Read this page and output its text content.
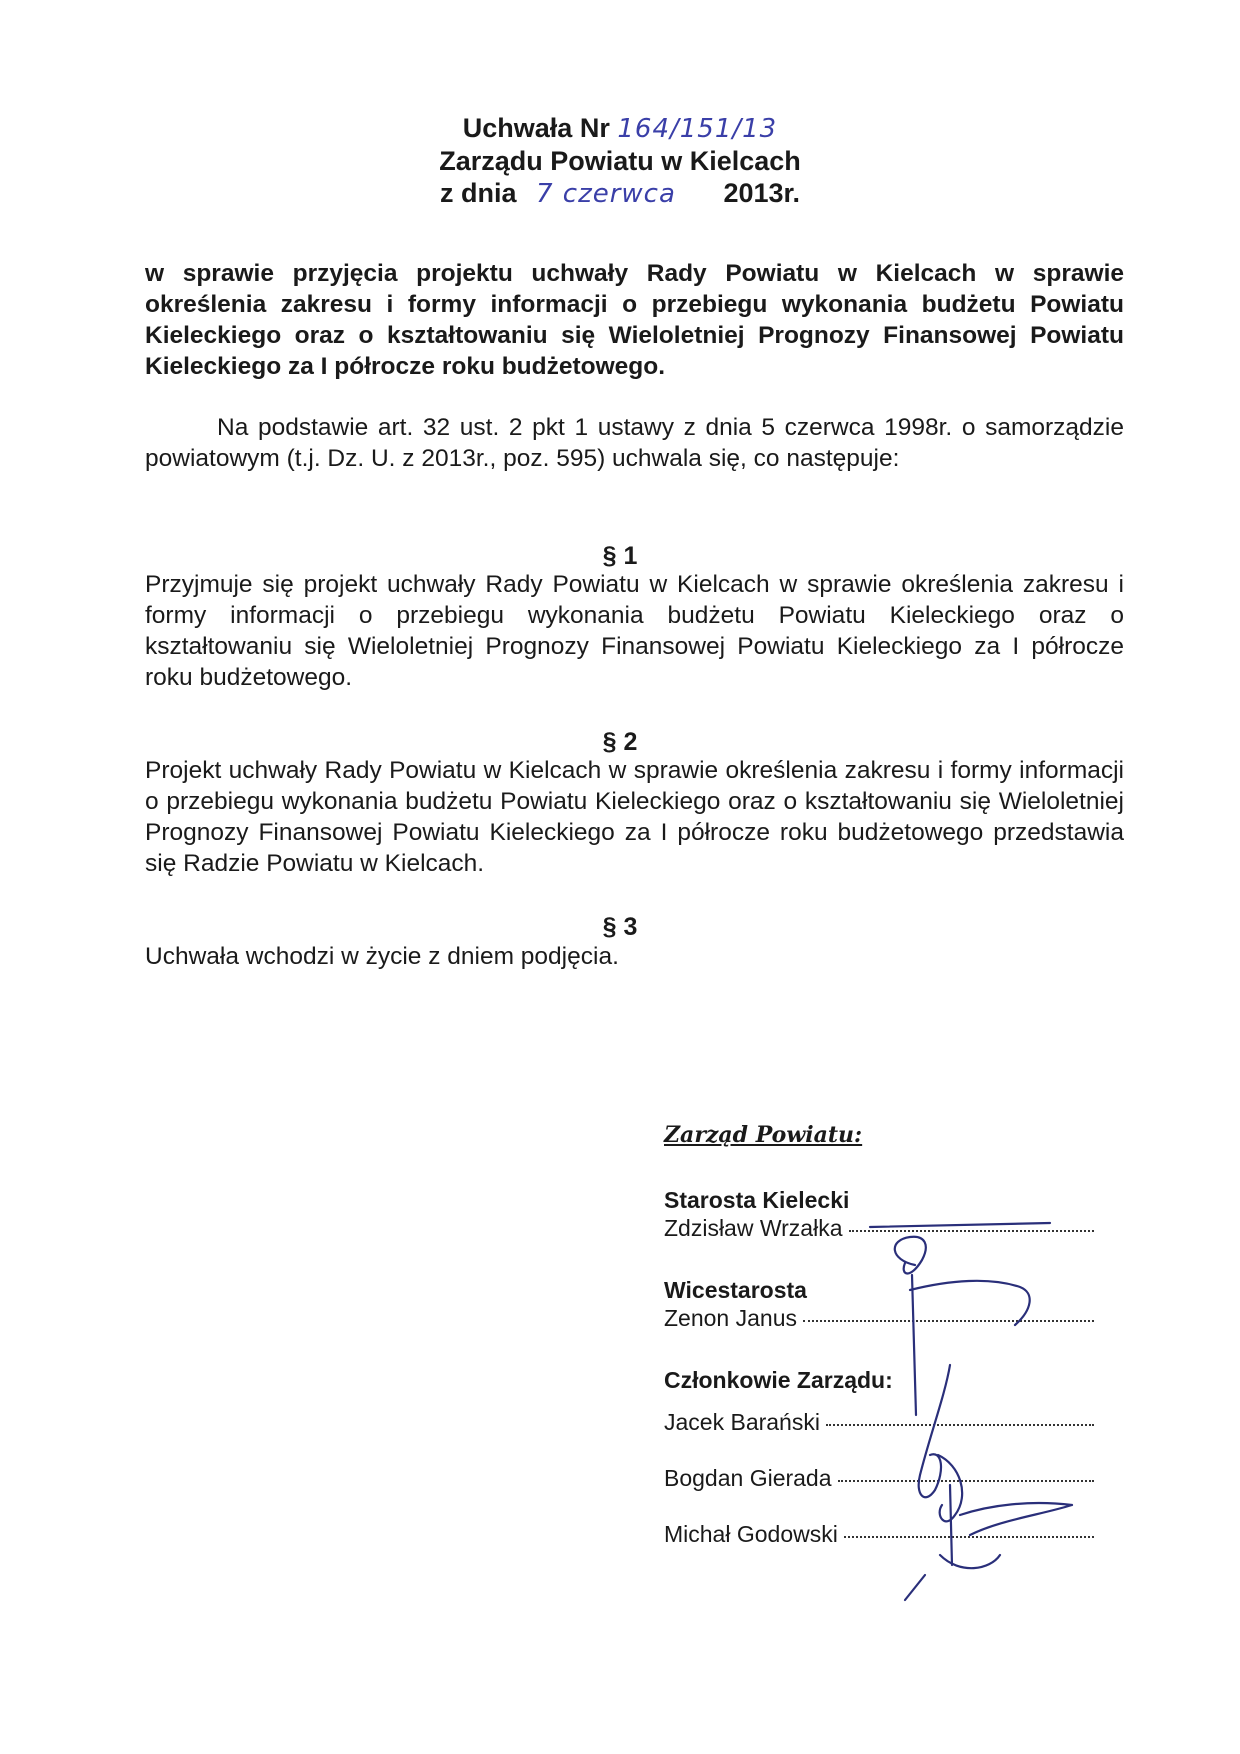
Uchwała Nr 164/151/13
Zarządu Powiatu w Kielcach
z dnia 7 czerwca 2013r.
w sprawie przyjęcia projektu uchwały Rady Powiatu w Kielcach w sprawie określenia zakresu i formy informacji o przebiegu wykonania budżetu Powiatu Kieleckiego oraz o kształtowaniu się Wieloletniej Prognozy Finansowej Powiatu Kieleckiego za I półrocze roku budżetowego.
Na podstawie art. 32 ust. 2 pkt 1 ustawy z dnia 5 czerwca 1998r. o samorządzie powiatowym (t.j. Dz. U. z 2013r., poz. 595) uchwala się, co następuje:
§ 1
Przyjmuje się projekt uchwały Rady Powiatu w Kielcach w sprawie określenia zakresu i formy informacji o przebiegu wykonania budżetu Powiatu Kieleckiego oraz o kształtowaniu się Wieloletniej Prognozy Finansowej Powiatu Kieleckiego za I półrocze roku budżetowego.
§ 2
Projekt uchwały Rady Powiatu w Kielcach w sprawie określenia zakresu i formy informacji o przebiegu wykonania budżetu Powiatu Kieleckiego oraz o kształtowaniu się Wieloletniej Prognozy Finansowej Powiatu Kieleckiego za I półrocze roku budżetowego przedstawia się Radzie Powiatu w Kielcach.
§ 3
Uchwała wchodzi w życie z dniem podjęcia.
Zarząd Powiatu:
Starosta Kielecki
Zdzisław Wrzałka
Wicestarosta
Zenon Janus
Członkowie Zarządu:
Jacek Barański
Bogdan Gierada
Michał Godowski
